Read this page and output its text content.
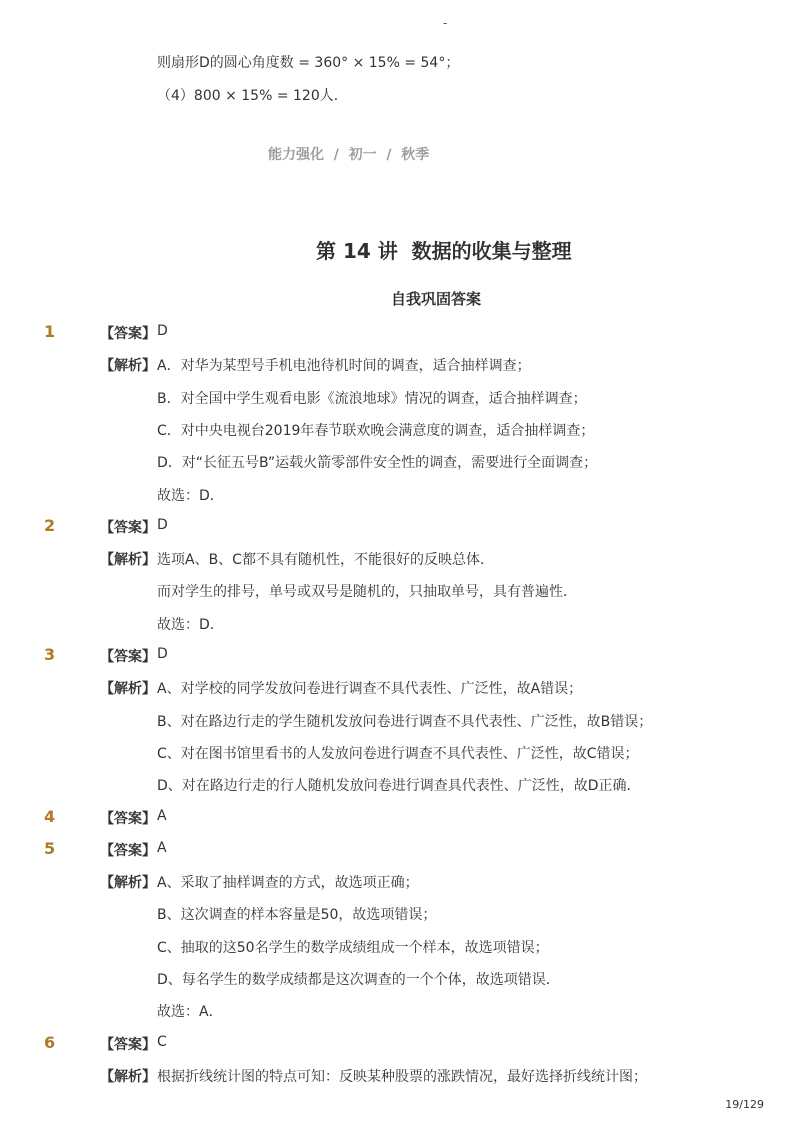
-
则扇形D的圆心角度数 = 360° × 15% = 54°；
（4）800 × 15% = 120人．
能力强化  /  初一  /  秋季
第 14 讲  数据的收集与整理
自我巩固答案
1	【答案】 D
【解析】 A．对华为某型号手机电池待机时间的调查，适合抽样调查；
B．对全国中学生观看电影《流浪地球》情况的调查，适合抽样调查；
C．对中央电视台2019年春节联欢晚会满意度的调查，适合抽样调查；
D．对“长征五号B”运载火箭零部件安全性的调查，需要进行全面调查；
故选：D．
2	【答案】 D
【解析】 选项A、B、C都不具有随机性，不能很好的反映总体．
而对学生的排号，单号或双号是随机的，只抽取单号，具有普遍性．
故选：D．
3	【答案】 D
【解析】 A、对学校的同学发放问卷进行调查不具代表性、广泛性，故A错误；
B、对在路边行走的学生随机发放问卷进行调查不具代表性、广泛性，故B错误；
C、对在图书馆里看书的人发放问卷进行调查不具代表性、广泛性，故C错误；
D、对在路边行走的行人随机发放问卷进行调查具代表性、广泛性，故D正确．
4	【答案】 A
5	【答案】 A
【解析】 A、采取了抽样调查的方式，故选项正确；
B、这次调查的样本容量是50，故选项错误；
C、抽取的这50名学生的数学成绩组成一个样本，故选项错误；
D、每名学生的数学成绩都是这次调查的一个个体，故选项错误．
故选：A．
6	【答案】 C
【解析】 根据折线统计图的特点可知：反映某种股票的涨跌情况，最好选择折线统计图；
19/129
